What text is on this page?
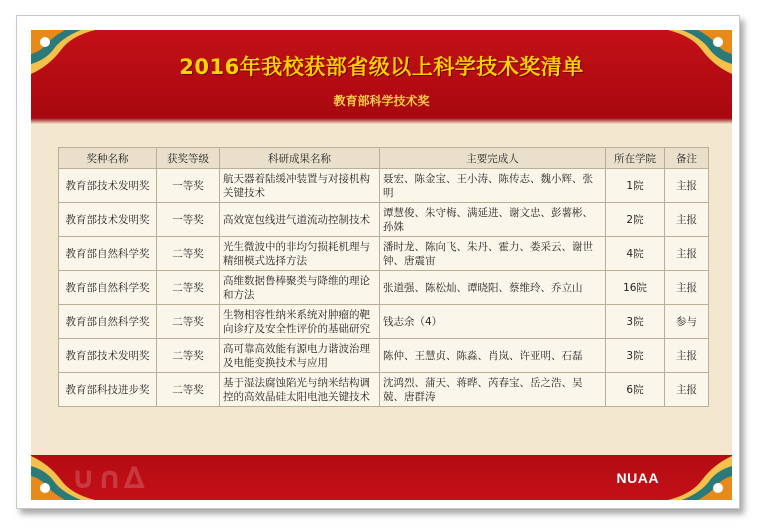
2016年我校获部省级以上科学技术奖清单
教育部科学技术奖
奖种名称	获奖等级	科研成果名称	主要完成人	所在学院	备注
教育部技术发明奖	一等奖	航天器着陆缓冲装置与对接机构关键技术	聂宏、陈金宝、王小涛、陈传志、魏小辉、张明	1院	主报
教育部技术发明奖	一等奖	高效宽包线进气道流动控制技术	谭慧俊、朱守梅、满延进、谢文忠、彭薯彬、孙姝	2院	主报
教育部自然科学奖	二等奖	光生微波中的非均匀损耗机理与精细模式选择方法	潘时龙、陈向飞、朱丹、霍力、娄采云、谢世钟、唐震宙	4院	主报
教育部自然科学奖	二等奖	高维数据鲁棒聚类与降维的理论和方法	张道强、陈松灿、谭晓阳、蔡维玲、乔立山	16院	主报
教育部自然科学奖	二等奖	生物相容性纳米系统对肿瘤的靶向诊疗及安全性评价的基础研究	钱志余（4）	3院	参与
教育部技术发明奖	二等奖	高可靠高效能有源电力谐波治理及电能变换技术与应用	陈仲、王慧贞、陈淼、肖岚、许亚明、石磊	3院	主报
教育部科技进步奖	二等奖	基于湿法腐蚀陷光与纳米结构调控的高效晶硅太阳电池关键技术	沈鸿烈、蒲天、蒋晔、芮春宝、岳之浩、吴兢、唐群涛	6院	主报
∪∩∆	NUAA
